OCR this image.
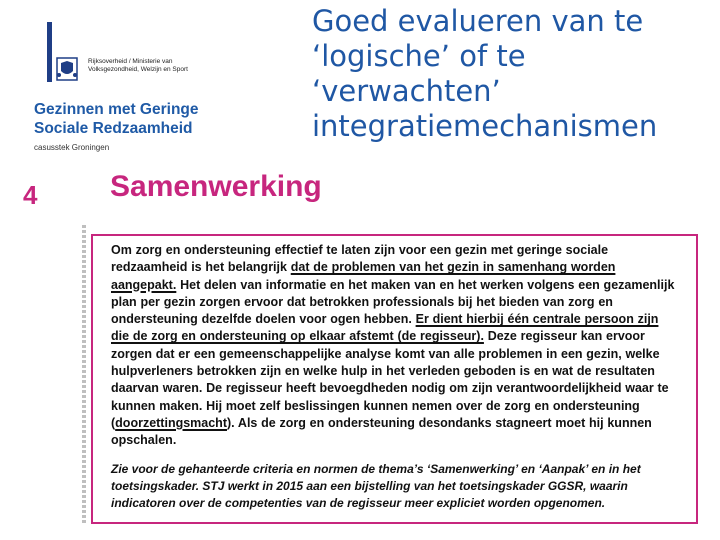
Goed evalueren van te
‘logische’ of te
‘verwachten’
integratiemechanismen
Rijksoverheid / Ministerie van Volksgezondheid, Welzijn en Sport
Gezinnen met Geringe
Sociale Redzaamheid
casusstek Groningen
4 Samenwerking

Om zorg en ondersteuning effectief te laten zijn voor een gezin met geringe sociale redzaamheid is het belangrijk dat de problemen van het gezin in samenhang worden aangepakt. Het delen van informatie en het maken van en het werken volgens een gezamenlijk plan per gezin zorgen ervoor dat betrokken professionals bij het bieden van zorg en ondersteuning dezelfde doelen voor ogen hebben. Er dient hierbij één centrale persoon zijn die de zorg en ondersteuning op elkaar afstemt (de regisseur). Deze regisseur kan ervoor zorgen dat er een gemeenschappelijke analyse komt van alle problemen in een gezin, welke hulpverleners betrokken zijn en welke hulp in het verleden geboden is en wat de resultaten daarvan waren. De regisseur heeft bevoegdheden nodig om zijn verantwoordelijkheid waar te kunnen maken. Hij moet zelf beslissingen kunnen nemen over de zorg en ondersteuning (doorzettingsmacht). Als de zorg en ondersteuning desondanks stagneert moet hij kunnen opschalen.

Zie voor de gehanteerde criteria en normen de thema’s ‘Samenwerking’ en ‘Aanpak’ en in het toetsingskader. STJ werkt in 2015 aan een bijstelling van het toetsingskader GGSR, waarin indicatoren over de competenties van de regisseur meer expliciet worden opgenomen.
